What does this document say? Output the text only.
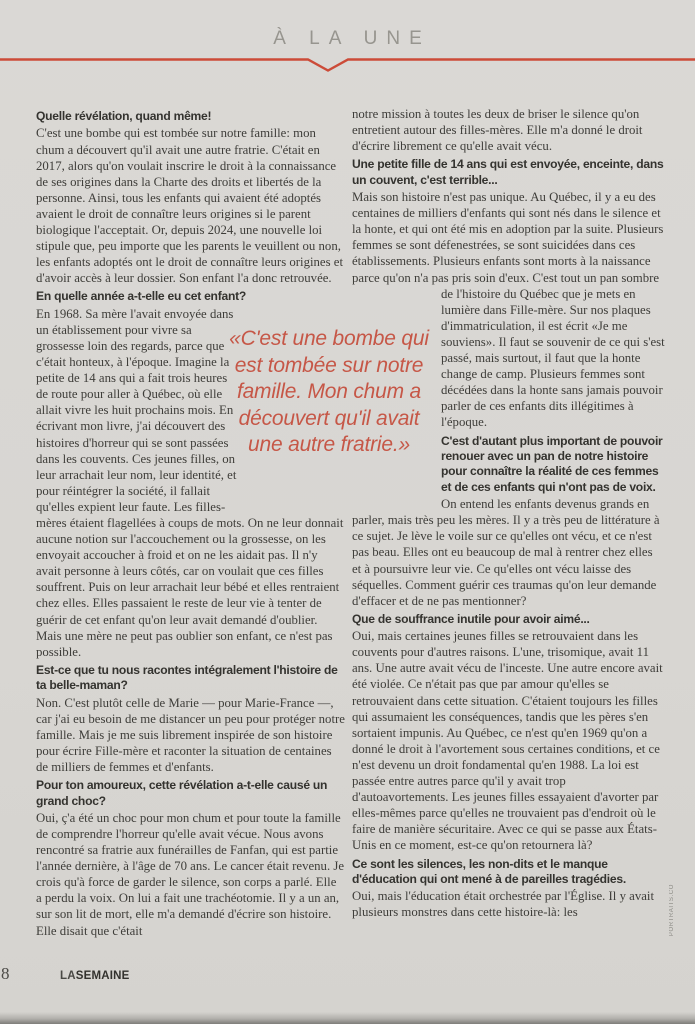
À LA UNE
Quelle révélation, quand même!

C'est une bombe qui est tombée sur notre famille: mon chum a découvert qu'il avait une autre fratrie. C'était en 2017, alors qu'on voulait inscrire le droit à la connaissance de ses origines dans la Charte des droits et libertés de la personne. Ainsi, tous les enfants qui avaient été adoptés avaient le droit de connaître leurs origines si le parent biologique l'acceptait. Or, depuis 2024, une nouvelle loi stipule que, peu importe que les parents le veuillent ou non, les enfants adoptés ont le droit de connaître leurs origines et d'avoir accès à leur dossier. Son enfant l'a donc retrouvée.

En quelle année a-t-elle eu cet enfant?

En 1968. Sa mère l'avait envoyée dans un établissement pour vivre sa grossesse loin des regards, parce que c'était honteux, à l'époque. Imagine la petite de 14 ans qui a fait trois heures de route pour aller à Québec, où elle allait vivre les huit prochains mois. En écrivant mon livre, j'ai découvert des histoires d'horreur qui se sont passées dans les couvents. Ces jeunes filles, on leur arrachait leur nom, leur identité, et pour réintégrer la société, il fallait qu'elles expient leur faute. Les filles-mères étaient flagellées à coups de mots. On ne leur donnait aucune notion sur l'accouchement ou la grossesse, on les envoyait accoucher à froid et on ne les aidait pas. Il n'y avait personne à leurs côtés, car on voulait que ces filles souffrent. Puis on leur arrachait leur bébé et elles rentraient chez elles. Elles passaient le reste de leur vie à tenter de guérir de cet enfant qu'on leur avait demandé d'oublier. Mais une mère ne peut pas oublier son enfant, ce n'est pas possible.

Est-ce que tu nous racontes intégralement l'histoire de ta belle-maman?

Non. C'est plutôt celle de Marie — pour Marie-France —, car j'ai eu besoin de me distancer un peu pour protéger notre famille. Mais je me suis librement inspirée de son histoire pour écrire Fille-mère et raconter la situation de centaines de milliers de femmes et d'enfants.

Pour ton amoureux, cette révélation a-t-elle causé un grand choc?

Oui, ç'a été un choc pour mon chum et pour toute la famille de comprendre l'horreur qu'elle avait vécue. Nous avons rencontré sa fratrie aux funérailles de Fanfan, qui est partie l'année dernière, à l'âge de 70 ans. Le cancer était revenu. Je crois qu'à force de garder le silence, son corps a parlé. Elle a perdu la voix. On lui a fait une trachéotomie. Il y a un an, sur son lit de mort, elle m'a demandé d'écrire son histoire. Elle disait que c'était

notre mission à toutes les deux de briser le silence qu'on entretient autour des filles-mères. Elle m'a donné le droit d'écrire librement ce qu'elle avait vécu.

Une petite fille de 14 ans qui est envoyée, enceinte, dans un couvent, c'est terrible...

Mais son histoire n'est pas unique. Au Québec, il y a eu des centaines de milliers d'enfants qui sont nés dans le silence et la honte, et qui ont été mis en adoption par la suite. Plusieurs femmes se sont défenestrées, se sont suicidées dans ces établissements. Plusieurs enfants sont morts à la naissance parce qu'on n'a pas pris soin d'eux. C'est tout un pan sombre de l'histoire du Québec que je mets en lumière dans Fille-mère. Sur nos plaques d'immatriculation, il est écrit «Je me souviens». Il faut se souvenir de ce qui s'est passé, mais surtout, il faut que la honte change de camp. Plusieurs femmes sont décédées dans la honte sans jamais pouvoir parler de ces enfants dits illégitimes à l'époque.

C'est d'autant plus important de pouvoir renouer avec un pan de notre histoire pour connaître la réalité de ces femmes et de ces enfants qui n'ont pas de voix.

On entend les enfants devenus grands en parler, mais très peu les mères. Il y a très peu de littérature à ce sujet. Je lève le voile sur ce qu'elles ont vécu, et ce n'est pas beau. Elles ont eu beaucoup de mal à rentrer chez elles et à poursuivre leur vie. Ce qu'elles ont vécu laisse des séquelles. Comment guérir ces traumas qu'on leur demande d'effacer et de ne pas mentionner?

Que de souffrance inutile pour avoir aimé...

Oui, mais certaines jeunes filles se retrouvaient dans les couvents pour d'autres raisons. L'une, trisomique, avait 11 ans. Une autre avait vécu de l'inceste. Une autre encore avait été violée. Ce n'était pas que par amour qu'elles se retrouvaient dans cette situation. C'étaient toujours les filles qui assumaient les conséquences, tandis que les pères s'en sortaient impunis. Au Québec, ce n'est qu'en 1969 qu'on a donné le droit à l'avortement sous certaines conditions, et ce n'est devenu un droit fondamental qu'en 1988. La loi est passée entre autres parce qu'il y avait trop d'autoavortements. Les jeunes filles essayaient d'avorter par elles-mêmes parce qu'elles ne trouvaient pas d'endroit où le faire de manière sécuritaire. Avec ce qui se passe aux États-Unis en ce moment, est-ce qu'on retournera là?

Ce sont les silences, les non-dits et le manque d'éducation qui ont mené à de pareilles tragédies.

Oui, mais l'éducation était orchestrée par l'Église. Il y avait plusieurs monstres dans cette histoire-là: les

«C'est une bombe qui est tombée sur notre famille. Mon chum a découvert qu'il avait une autre fratrie.»
8	LASEMAINE
PORTRAITS.CO
